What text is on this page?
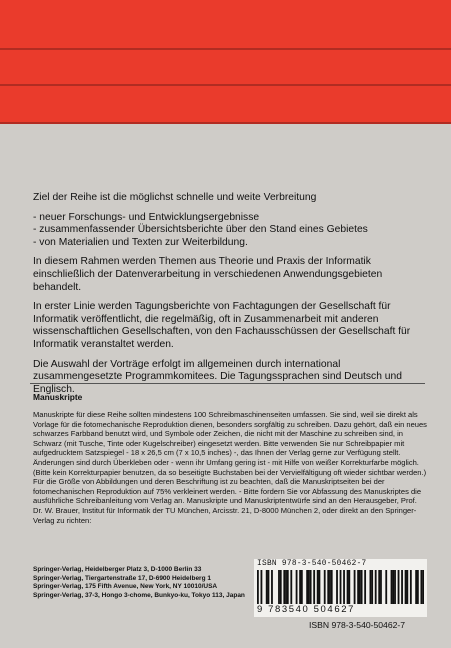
Ziel der Reihe ist die möglichst schnelle und weite Verbreitung

- neuer Forschungs- und Entwicklungsergebnisse
- zusammenfassender Übersichtsberichte über den Stand eines Gebietes
- von Materialien und Texten zur Weiterbildung.

In diesem Rahmen werden Themen aus Theorie und Praxis der Informatik einschließlich der Datenverarbeitung in verschiedenen Anwendungsgebieten behandelt.

In erster Linie werden Tagungsberichte von Fachtagungen der Gesellschaft für Informatik veröffentlicht, die regelmäßig, oft in Zusammenarbeit mit anderen wissenschaftlichen Gesellschaften, von den Fachausschüssen der Gesellschaft für Informatik veranstaltet werden.

Die Auswahl der Vorträge erfolgt im allgemeinen durch international zusammengesetzte Programmkomitees. Die Tagungssprachen sind Deutsch und Englisch.

Manuskripte
Manuskripte für diese Reihe sollten mindestens 100 Schreibmaschinenseiten umfassen. Sie sind, weil sie direkt als Vorlage für die fotomechanische Reproduktion dienen, besonders sorgfältig zu schreiben. Dazu gehört, daß ein neues schwarzes Farbband benutzt wird, und Symbole oder Zeichen, die nicht mit der Maschine zu schreiben sind, in Schwarz (mit Tusche, Tinte oder Kugelschreiber) eingesetzt werden. Bitte verwenden Sie nur Schreibpapier mit aufgedrucktem Satzspiegel - 18 x 26,5 cm (7 x 10,5 inches) -, das Ihnen der Verlag gerne zur Verfügung stellt. Änderungen sind durch Überkleben oder - wenn ihr Umfang gering ist - mit Hilfe von weißer Korrekturfarbe möglich. (Bitte kein Korrekturpapier benutzen, da so beseitigte Buchstaben bei der Vervielfältigung oft wieder sichtbar werden.) Für die Größe von Abbildungen und deren Beschriftung ist zu beachten, daß die Manuskriptseiten bei der fotomechanischen Reproduktion auf 75% verkleinert werden. - Bitte fordern Sie vor Abfassung des Manuskriptes die ausführliche Schreibanleitung vom Verlag an. Manuskripte und Manuskriptentwürfe sind an den Herausgeber, Prof. Dr. W. Brauer, Institut für Informatik der TU München, Arcisstr. 21, D-8000 München 2, oder direkt an den Springer-Verlag zu richten:
Springer-Verlag, Heidelberger Platz 3, D-1000 Berlin 33
Springer-Verlag, Tiergartenstraße 17, D-6900 Heidelberg 1
Springer-Verlag, 175 Fifth Avenue, New York, NY 10010/USA
Springer-Verlag, 37-3, Hongo 3-chome, Bunkyo-ku, Tokyo 113, Japan
ISBN 978-3-540-50462-7
9 783540 504627
ISBN 978-3-540-50462-7
